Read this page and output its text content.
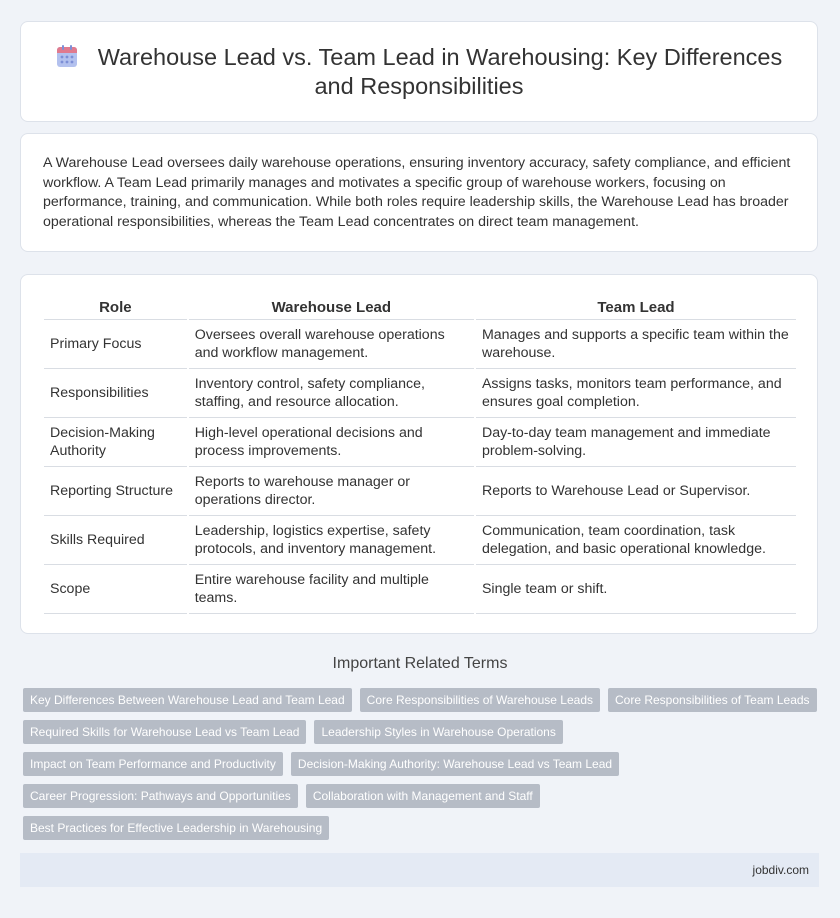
Warehouse Lead vs. Team Lead in Warehousing: Key Differences and Responsibilities

A Warehouse Lead oversees daily warehouse operations, ensuring inventory accuracy, safety compliance, and efficient workflow. A Team Lead primarily manages and motivates a specific group of warehouse workers, focusing on performance, training, and communication. While both roles require leadership skills, the Warehouse Lead has broader operational responsibilities, whereas the Team Lead concentrates on direct team management.

Role	Warehouse Lead	Team Lead
Primary Focus	Oversees overall warehouse operations and workflow management.	Manages and supports a specific team within the warehouse.
Responsibilities	Inventory control, safety compliance, staffing, and resource allocation.	Assigns tasks, monitors team performance, and ensures goal completion.
Decision-Making Authority	High-level operational decisions and process improvements.	Day-to-day team management and immediate problem-solving.
Reporting Structure	Reports to warehouse manager or operations director.	Reports to Warehouse Lead or Supervisor.
Skills Required	Leadership, logistics expertise, safety protocols, and inventory management.	Communication, team coordination, task delegation, and basic operational knowledge.
Scope	Entire warehouse facility and multiple teams.	Single team or shift.
Important Related Terms
Key Differences Between Warehouse Lead and Team Lead	Core Responsibilities of Warehouse Leads	Core Responsibilities of Team Leads
Required Skills for Warehouse Lead vs Team Lead	Leadership Styles in Warehouse Operations
Impact on Team Performance and Productivity	Decision-Making Authority: Warehouse Lead vs Team Lead
Career Progression: Pathways and Opportunities	Collaboration with Management and Staff
Best Practices for Effective Leadership in Warehousing
jobdiv.com
